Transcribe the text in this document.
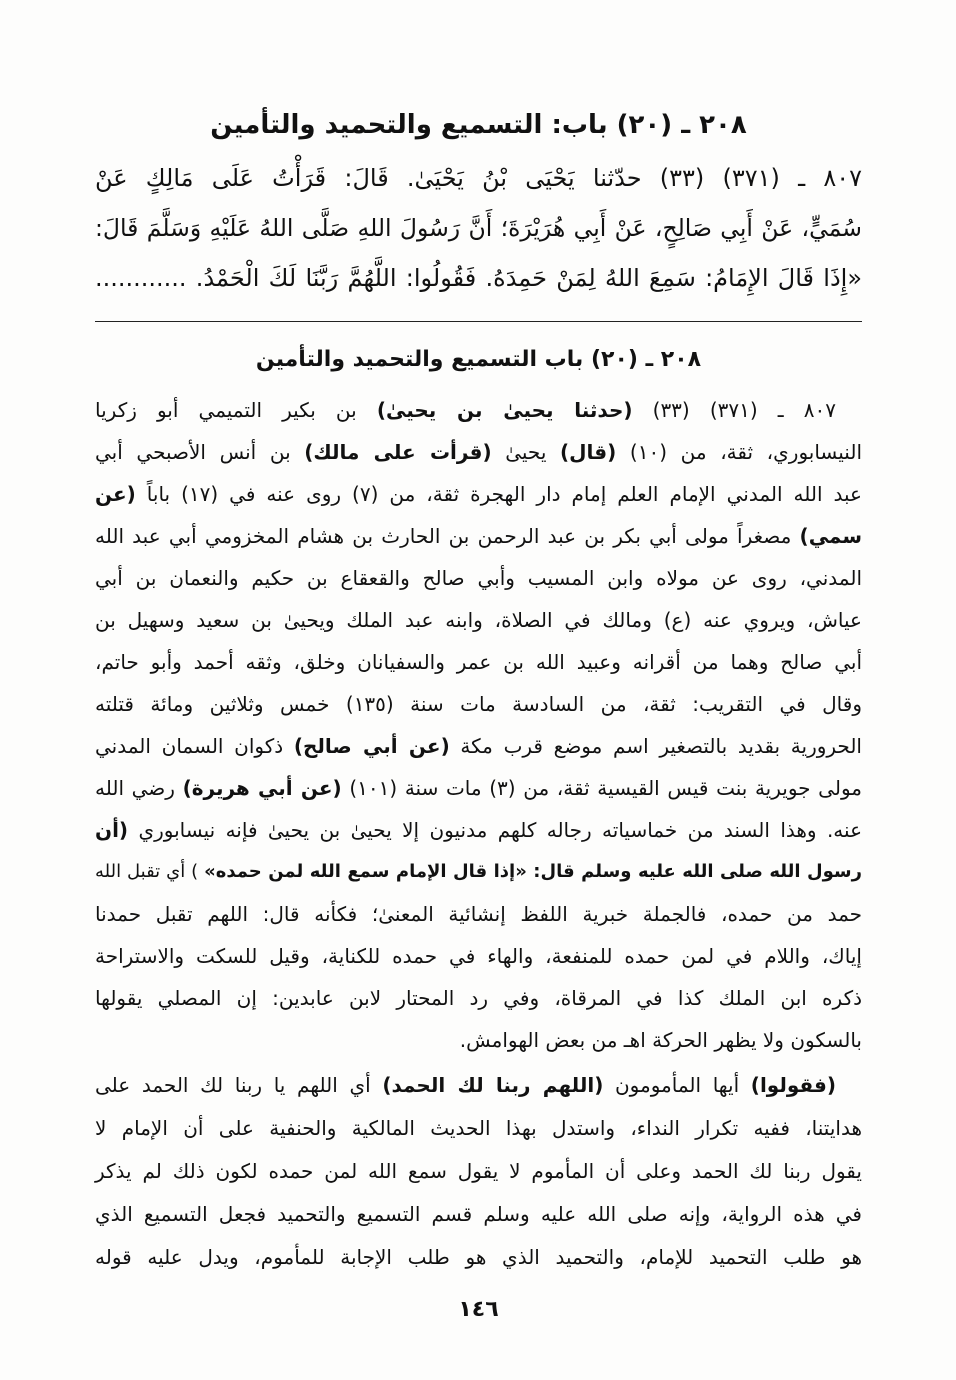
٢٠٨ ـ (٢٠) باب: التسميع والتحميد والتأمين
٨٠٧ ـ (٣٧١) (٣٣) حدّثنا يَحْيَى بْنُ يَحْيَىٰ. قَالَ: قَرَأْتُ عَلَى مَالِكٍ عَنْ
سُمَيٍّ، عَنْ أَبِي صَالِحٍ، عَنْ أَبِي هُرَيْرَةَ؛ أَنَّ رَسُولَ اللهِ صَلَّى اللهُ عَلَيْهِ وَسَلَّمَ قَالَ:
«إِذَا قَالَ الإِمَامُ: سَمِعَ اللهُ لِمَنْ حَمِدَهُ. فَقُولُوا: اللَّهُمَّ رَبَّنَا لَكَ الْحَمْدُ. ............
٢٠٨ ـ (٢٠) باب التسميع والتحميد والتأمين
٨٠٧ ـ (٣٧١) (٣٣) (حدثنا يحيىٰ بن يحيىٰ) بن بكير التميمي أبو زكريا
النيسابوري، ثقة، من (١٠) (قال) يحيىٰ (قرأت على مالك) بن أنس الأصبحي أبي
عبد الله المدني الإمام العلم إمام دار الهجرة ثقة، من (٧) روى عنه في (١٧) باباً (عن
سمي) مصغراً مولى أبي بكر بن عبد الرحمن بن الحارث بن هشام المخزومي أبي عبد الله
المدني، روى عن مولاه وابن المسيب وأبي صالح والقعقاع بن حكيم والنعمان بن أبي
عياش، ويروي عنه (ع) ومالك في الصلاة، وابنه عبد الملك ويحيىٰ بن سعيد وسهيل بن
أبي صالح وهما من أقرانه وعبيد الله بن عمر والسفيانان وخلق، وثقه أحمد وأبو حاتم،
وقال في التقريب: ثقة، من السادسة مات سنة (١٣٥) خمس وثلاثين ومائة قتلته
الحرورية بقديد بالتصغير اسم موضع قرب مكة (عن أبي صالح) ذكوان السمان المدني
مولى جويرية بنت قيس القيسية ثقة، من (٣) مات سنة (١٠١) (عن أبي هريرة) رضي الله
عنه. وهذا السند من خماسياته رجاله كلهم مدنيون إلا يحيىٰ بن يحيىٰ فإنه نيسابوري (أن
رسول الله صلى الله عليه وسلم قال: «إذا قال الإمام سمع الله لمن حمده» ) أي تقبل الله
حمد من حمده، فالجملة خبرية اللفظ إنشائية المعنىٰ؛ فكأنه قال: اللهم تقبل حمدنا
إياك، واللام في لمن حمده للمنفعة، والهاء في حمده للكناية، وقيل للسكت والاستراحة
ذكره ابن الملك كذا في المرقاة، وفي رد المحتار لابن عابدين: إن المصلي يقولها
بالسكون ولا يظهر الحركة اهـ من بعض الهوامش.
(فقولوا) أيها المأمومون (اللهم ربنا لك الحمد) أي اللهم يا ربنا لك الحمد على
هدايتنا، ففيه تكرار النداء، واستدل بهذا الحديث المالكية والحنفية على أن الإمام لا
يقول ربنا لك الحمد وعلى أن المأموم لا يقول سمع الله لمن حمده لكون ذلك لم يذكر
في هذه الرواية، وإنه صلى الله عليه وسلم قسم التسميع والتحميد فجعل التسميع الذي
هو طلب التحميد للإمام، والتحميد الذي هو طلب الإجابة للمأموم، ويدل عليه قوله
١٤٦
